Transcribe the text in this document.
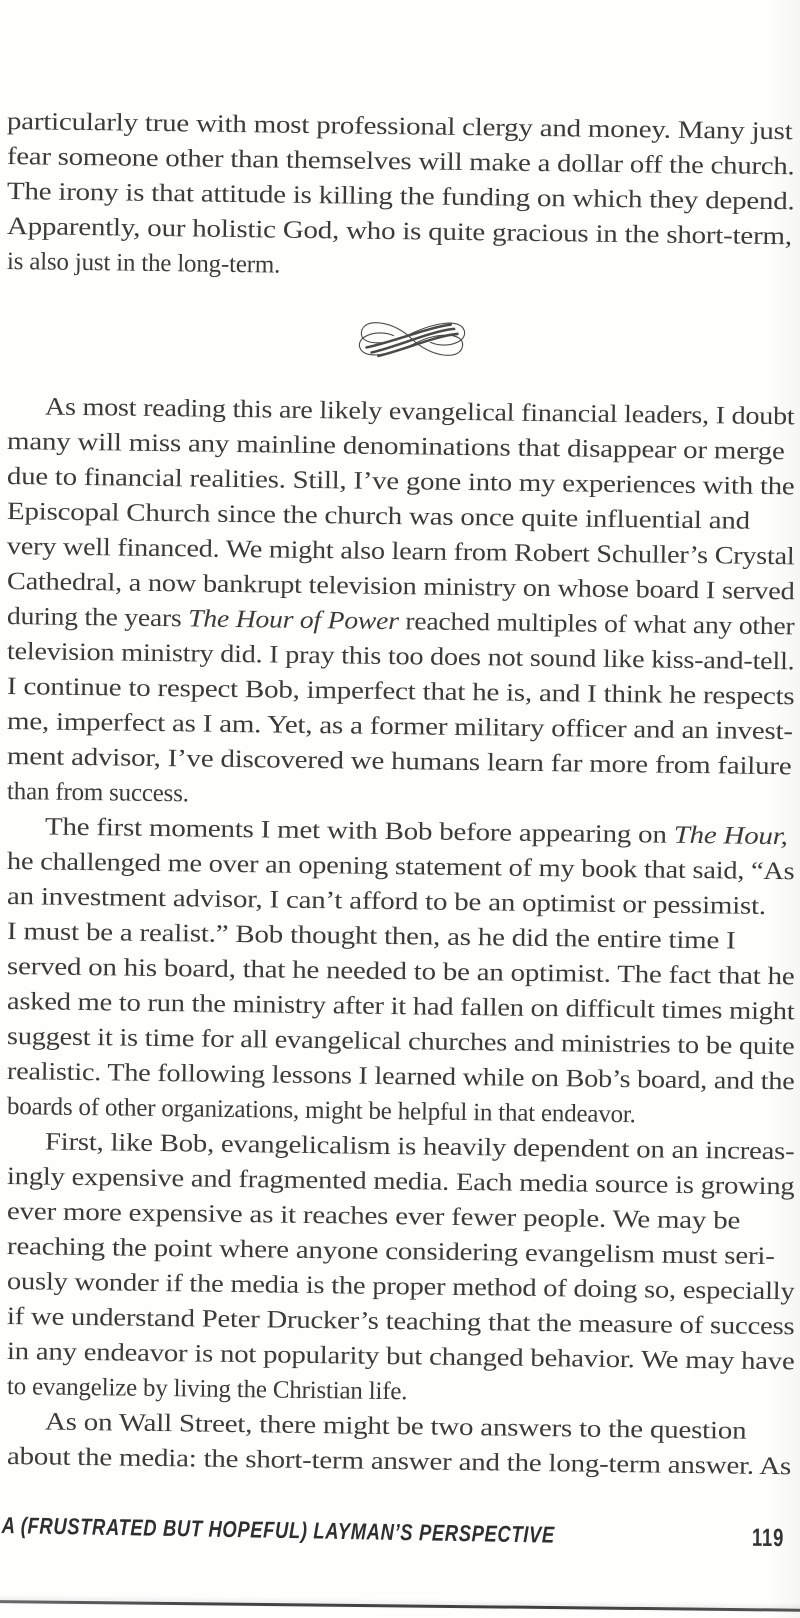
particularly true with most professional clergy and money. Many just
fear someone other than themselves will make a dollar off the church.
The irony is that attitude is killing the funding on which they depend.
Apparently, our holistic God, who is quite gracious in the short-term,
is also just in the long-term.
As most reading this are likely evangelical financial leaders, I doubt
many will miss any mainline denominations that disappear or merge
due to financial realities. Still, I’ve gone into my experiences with the
Episcopal Church since the church was once quite influential and
very well financed. We might also learn from Robert Schuller’s Crystal
Cathedral, a now bankrupt television ministry on whose board I served
during the years The Hour of Power reached multiples of what any other
television ministry did. I pray this too does not sound like kiss-and-tell.
I continue to respect Bob, imperfect that he is, and I think he respects
me, imperfect as I am. Yet, as a former military officer and an invest-
ment advisor, I’ve discovered we humans learn far more from failure
than from success.
The first moments I met with Bob before appearing on The Hour,
he challenged me over an opening statement of my book that said, “As
an investment advisor, I can’t afford to be an optimist or pessimist.
I must be a realist.” Bob thought then, as he did the entire time I
served on his board, that he needed to be an optimist. The fact that he
asked me to run the ministry after it had fallen on difficult times might
suggest it is time for all evangelical churches and ministries to be quite
realistic. The following lessons I learned while on Bob’s board, and the
boards of other organizations, might be helpful in that endeavor.
First, like Bob, evangelicalism is heavily dependent on an increas-
ingly expensive and fragmented media. Each media source is growing
ever more expensive as it reaches ever fewer people. We may be
reaching the point where anyone considering evangelism must seri-
ously wonder if the media is the proper method of doing so, especially
if we understand Peter Drucker’s teaching that the measure of success
in any endeavor is not popularity but changed behavior. We may have
to evangelize by living the Christian life.
As on Wall Street, there might be two answers to the question
about the media: the short-term answer and the long-term answer. As
A (FRUSTRATED BUT HOPEFUL) LAYMAN’S PERSPECTIVE	119
